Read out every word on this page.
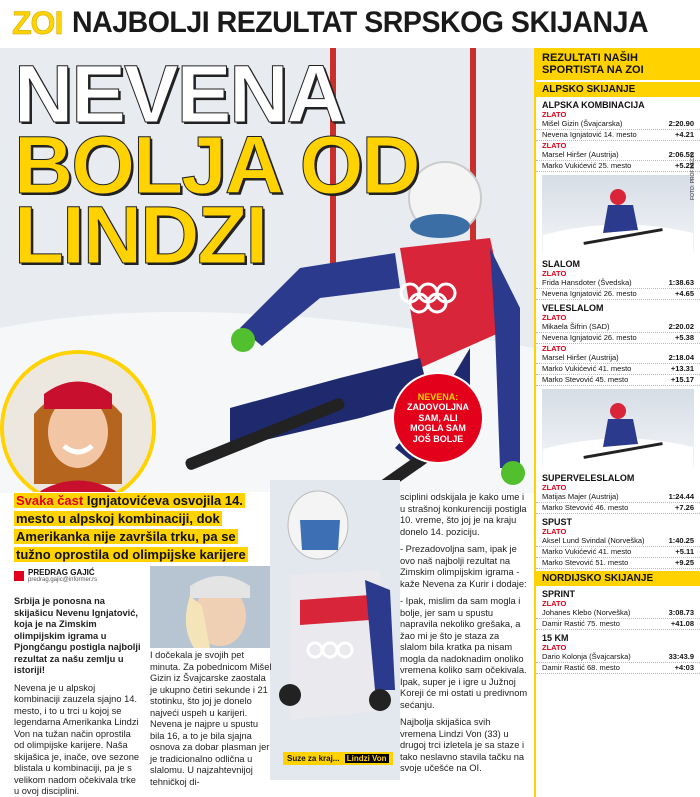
ZOI NAJBOLJI REZULTAT SRPSKOG SKIJANJA
NEVENA
BOLJA OD
LINDZI
NEVENA:
ZADOVOLJNA
SAM, ALI
MOGLA SAM
JOŠ BOLJE

Svaka čast Ignjatovićeva osvojila 14. mesto u alpskoj kombinaciji, dok Amerikanka nije završila trku, pa se tužno oprostila od olimpijske karijere

PREDRAG GAJIĆ
predrag.gajic@informer.rs
Suze za kraj... Lindzi Von

Srbija je ponosna na skijašicu Nevenu Ignjatović, koja je na Zimskim olimpijskim igrama u Pjongčangu postigla najbolji rezultat za našu zemlju u istoriji!

Nevena je u alpskoj kombinaciji zauzela sjajno 14. mesto, i to u trci u kojoj se legendarna Amerikanka Lindzi Von na tužan način oprostila od olimpijske karijere. Naša skijašica je, inače, ove sezone blistala u kombinaciji, pa je s velikom nadom očekivala trke u ovoj disciplini.

I dočekala je svojih pet minuta. Za pobednicom Mišel Gizin iz Švajcarske zaostala je ukupno četiri sekunde i 21 stotinku, što joj je donelo najveći uspeh u karijeri. Nevena je najpre u spustu bila 16, a to je bila sjajna osnova za dobar plasman jer je tradicionalno odlična u slalomu. U najzahtevnijoj tehničkoj di-

sciplini odskijala je kako ume i u strašnoj konkurenciji postigla 10. vreme, što joj je na kraju donelo 14. poziciju.

- Prezadovoljna sam, ipak je ovo naš najbolji rezultat na Zimskim olimpijskim igrama - kaže Nevena za Kurir i dodaje:

- Ipak, mislim da sam mogla i bolje, jer sam u spustu napravila nekoliko grešaka, a žao mi je što je staza za slalom bila kratka pa nisam mogla da nadoknadim onoliko vremena koliko sam očekivala. Ipak, super je i igre u Južnoj Koreji će mi ostati u predivnom sećanju.

Najbolja skijašica svih vremena Lindzi Von (33) u drugoj trci izletela je sa staze i tako neslavno stavila tačku na svoje učešće na OI.

REZULTATI NAŠIH
SPORTISTA NA ZOI
ALPSKO SKIJANJE
ALPSKA KOMBINACIJA
ZLATO
Mišel Gizin (Švajcarska)	2:20.90
Nevena Ignjatović 14. mesto	+4.21
ZLATO
Marsel Hiršer (Austrija)	2:06.52
Marko Vukićević 25. mesto	+5.22
SLALOM
ZLATO
Frida Hansdoter (Švedska)	1:38.63
Nevena Ignjatović 26. mesto	+4.65
VELESLALOM
ZLATO
Mikaela Šifrin (SAD)	2:20.02
Nevena Ignjatović 26. mesto	+5.38
ZLATO
Marsel Hiršer (Austrija)	2:18.04
Marko Vukićević 41. mesto	+13.31
Marko Stevović 45. mesto	+15.17
SUPERVELESLALOM
ZLATO
Matijas Majer (Austrija)	1:24.44
Marko Stevović 46. mesto	+7.26
SPUST
ZLATO
Aksel Lund Svindal (Norveška)	1:40.25
Marko Vukićević 41. mesto	+5.11
Marko Stevović 51. mesto	+9.25
NORDIJSKO SKIJANJE
SPRINT
ZLATO
Johanes Klebo (Norveška)	3:08.73
Damir Rastić 75. mesto	+41.08
15 KM
ZLATO
Dario Kolonja (Švajcarska)	33:43.9
Damir Rastić 68. mesto	+4:03
FOTO: PROFIMEDIA
